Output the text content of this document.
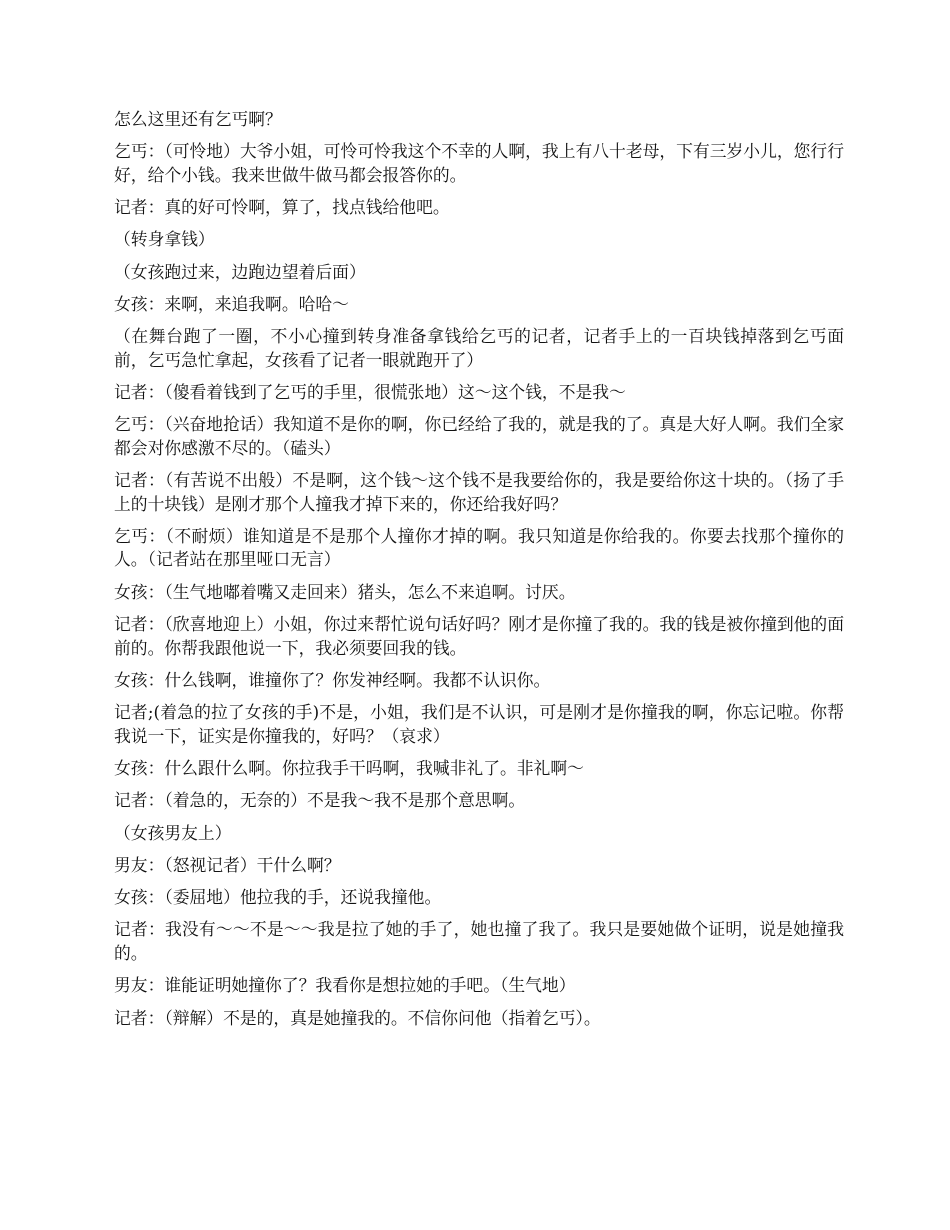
怎么这里还有乞丐啊？

乞丐：（可怜地）大爷小姐，可怜可怜我这个不幸的人啊，我上有八十老母，下有三岁小儿，您行行好，给个小钱。我来世做牛做马都会报答你的。

记者：真的好可怜啊，算了，找点钱给他吧。

（转身拿钱）

（女孩跑过来，边跑边望着后面）

女孩：来啊，来追我啊。哈哈～

（在舞台跑了一圈，不小心撞到转身准备拿钱给乞丐的记者，记者手上的一百块钱掉落到乞丐面前，乞丐急忙拿起，女孩看了记者一眼就跑开了）

记者：（傻看着钱到了乞丐的手里，很慌张地）这～这个钱，不是我～

乞丐：（兴奋地抢话）我知道不是你的啊，你已经给了我的，就是我的了。真是大好人啊。我们全家都会对你感激不尽的。（磕头）

记者：（有苦说不出般）不是啊，这个钱～这个钱不是我要给你的，我是要给你这十块的。（扬了手上的十块钱）是刚才那个人撞我才掉下来的，你还给我好吗？

乞丐：（不耐烦）谁知道是不是那个人撞你才掉的啊。我只知道是你给我的。你要去找那个撞你的人。（记者站在那里哑口无言）

女孩：（生气地嘟着嘴又走回来）猪头，怎么不来追啊。讨厌。

记者：（欣喜地迎上）小姐，你过来帮忙说句话好吗？刚才是你撞了我的。我的钱是被你撞到他的面前的。你帮我跟他说一下，我必须要回我的钱。

女孩：什么钱啊，谁撞你了？你发神经啊。我都不认识你。

记者;(着急的拉了女孩的手)不是，小姐，我们是不认识，可是刚才是你撞我的啊，你忘记啦。你帮我说一下，证实是你撞我的，好吗？（哀求）

女孩：什么跟什么啊。你拉我手干吗啊，我喊非礼了。非礼啊～

记者：（着急的，无奈的）不是我～我不是那个意思啊。

（女孩男友上）

男友：（怒视记者）干什么啊？

女孩：（委屈地）他拉我的手，还说我撞他。

记者：我没有～～不是～～我是拉了她的手了，她也撞了我了。我只是要她做个证明，说是她撞我的。

男友：谁能证明她撞你了？我看你是想拉她的手吧。（生气地）

记者：（辩解）不是的，真是她撞我的。不信你问他（指着乞丐）。
